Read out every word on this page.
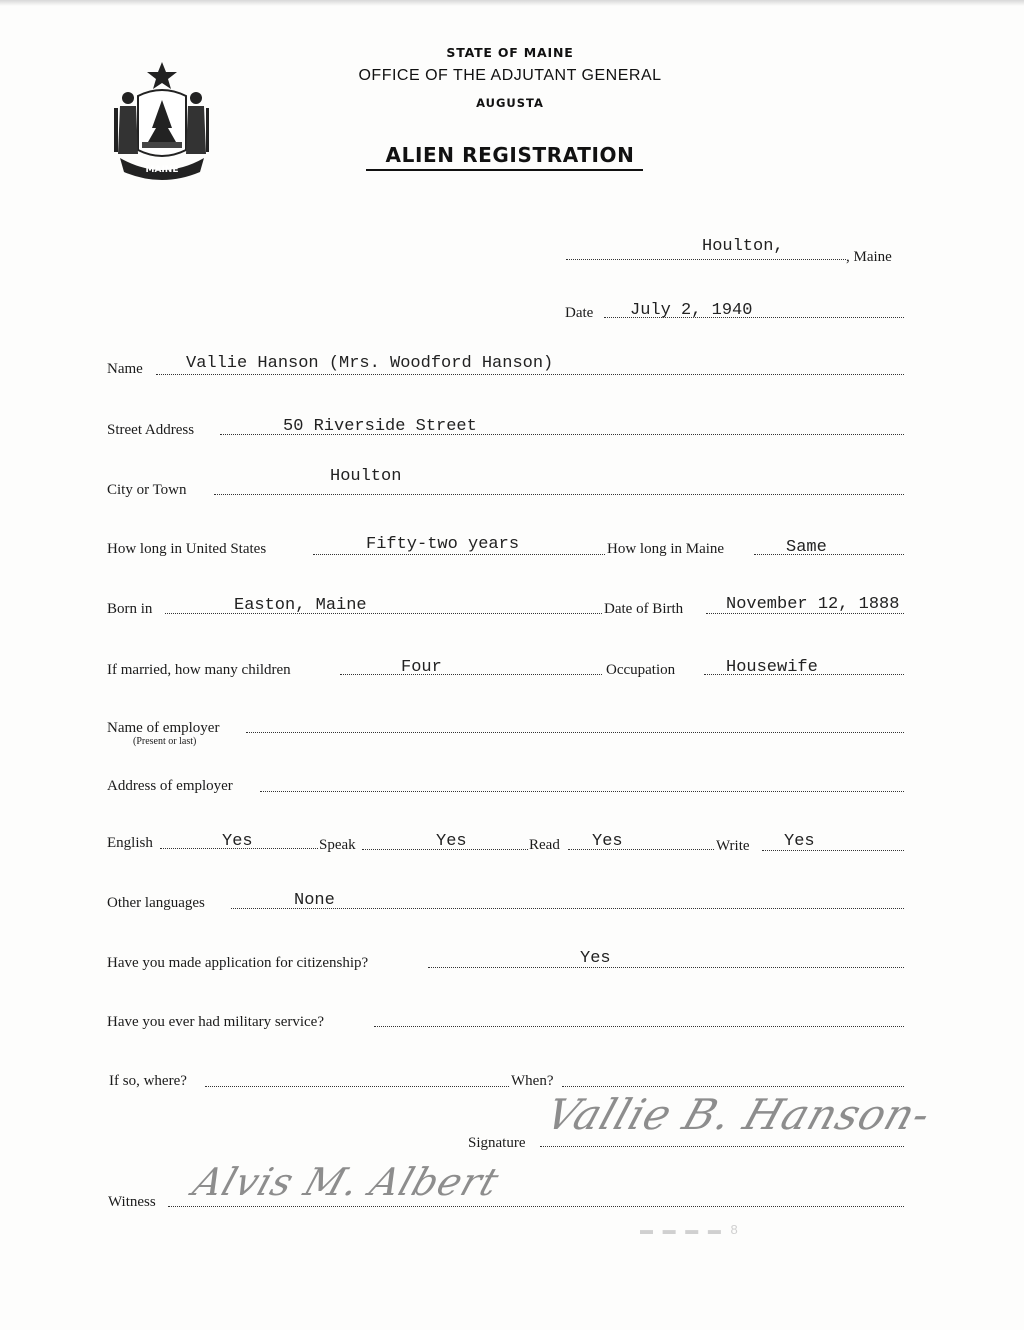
MAINE
STATE OF MAINE
OFFICE OF THE ADJUTANT GENERAL
AUGUSTA
ALIEN REGISTRATION
Houlton,
, Maine
Date July 2, 1940
Name	Vallie Hanson (Mrs. Woodford Hanson)
Street Address	50 Riverside Street
City or Town
Houlton
How long in United States	Fifty-two years	How long in Maine	Same
Born in	Easton, Maine	Date of Birth	November 12, 1888
If married, how many children	Four	Occupation	Housewife
Name of employer
(Present or last)
Address of employer
English	Yes	Speak	Yes	Read Yes	Write Yes
Other languages	None
Have you made application for citizenship?	Yes
Have you ever had military service?
If so, where?	When?
Signature
Vallie B. Hanson-
Witness Alvis M. Albert
▬ ▬ ▬ ▬ 8
